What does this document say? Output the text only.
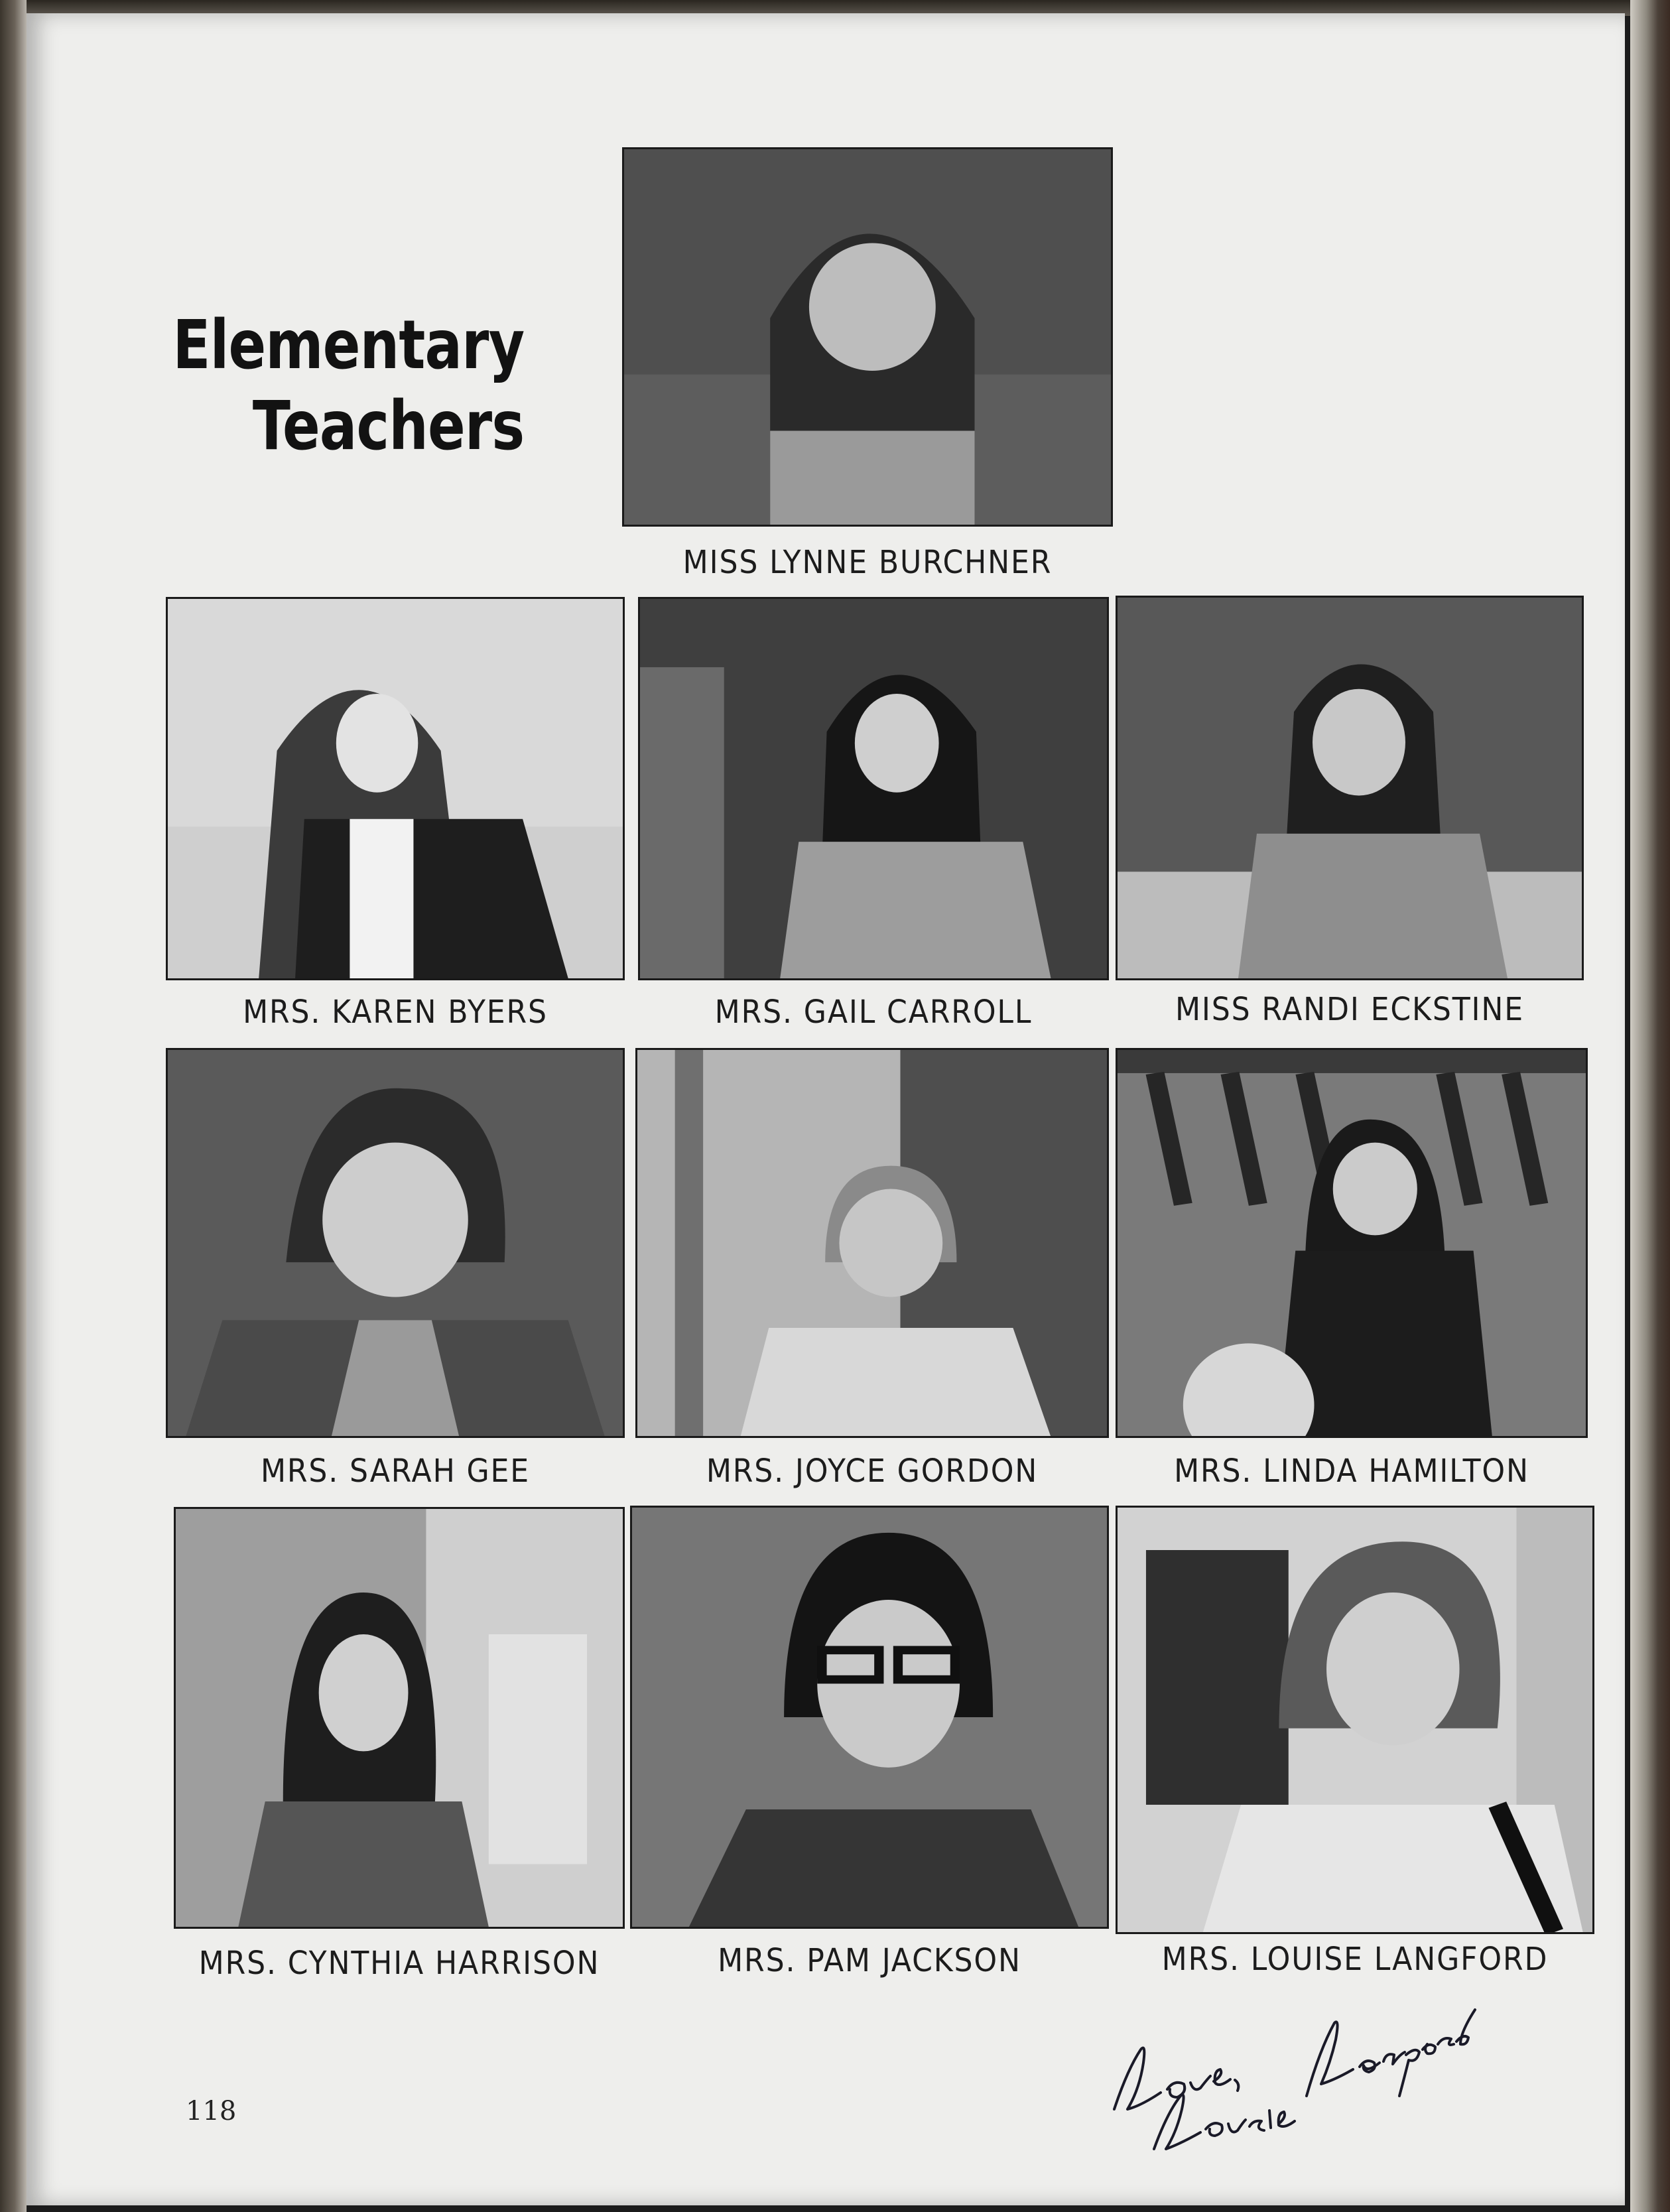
Elementary
Teachers
MISS LYNNE BURCHNER
MRS. KAREN BYERS	MRS. GAIL CARROLL	MISS RANDI ECKSTINE
MRS. SARAH GEE	MRS. JOYCE GORDON	MRS. LINDA HAMILTON
MRS. CYNTHIA HARRISON	MRS. PAM JACKSON	MRS. LOUISE LANGFORD
118
